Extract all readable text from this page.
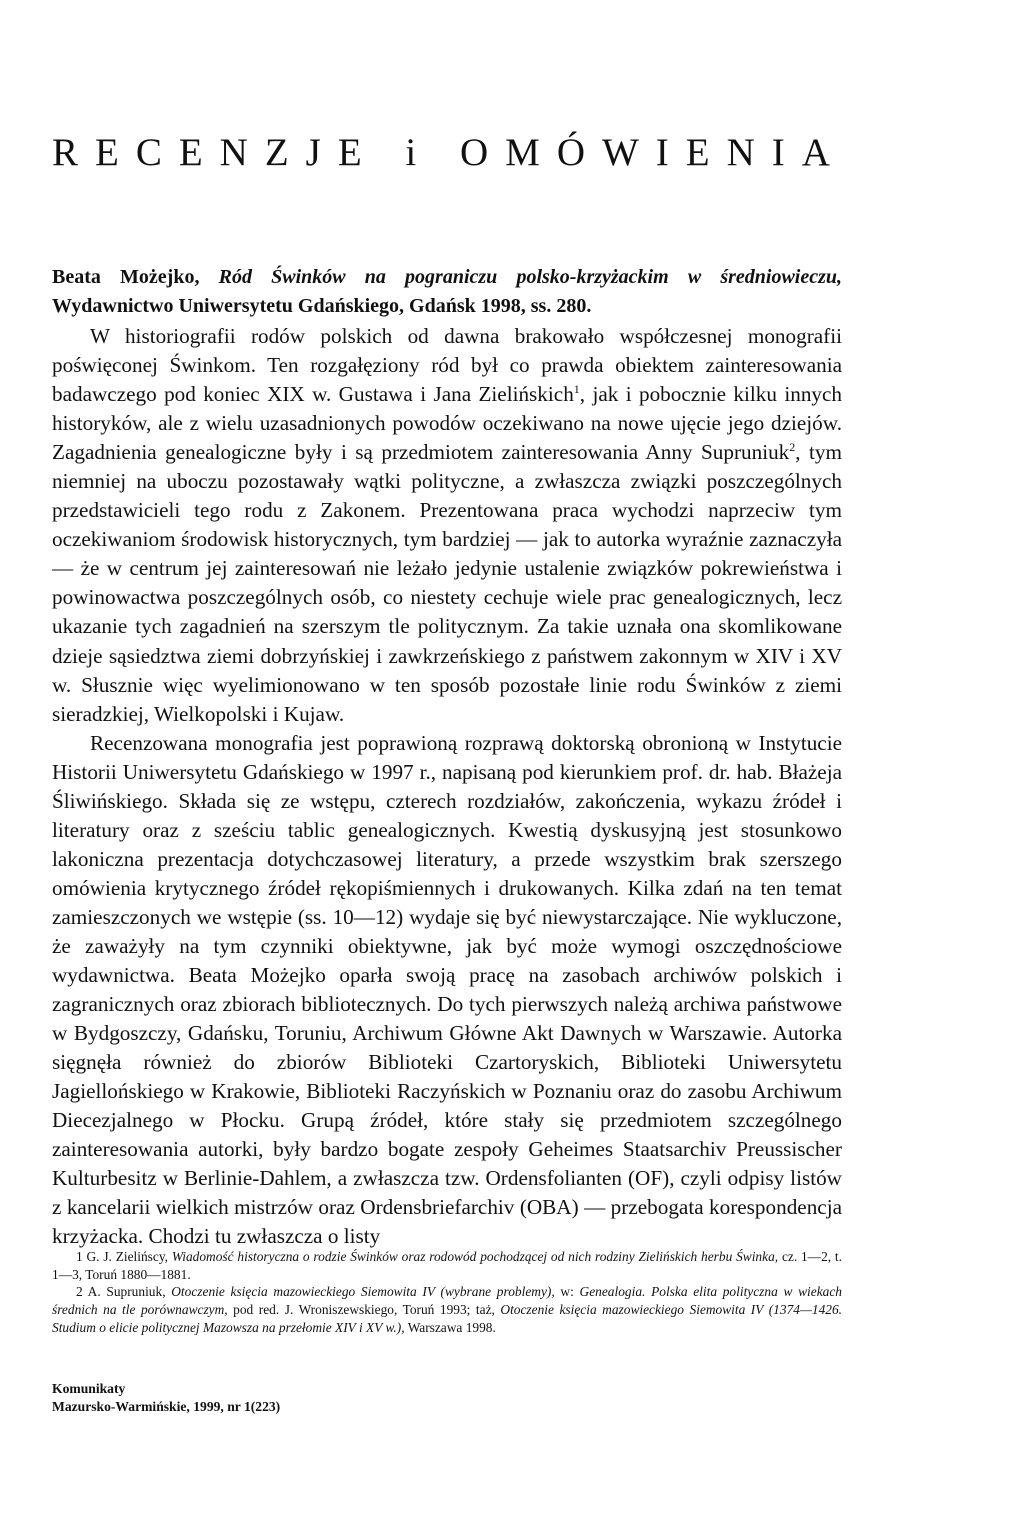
RECENZJE i OMÓWIENIA
Beata Możejko, Ród Świnków na pograniczu polsko-krzyżackim w średniowieczu, Wydawnictwo Uniwersytetu Gdańskiego, Gdańsk 1998, ss. 280.

W historiografii rodów polskich od dawna brakowało współczesnej monografii poświęconej Świnkom. Ten rozgałęziony ród był co prawda obiektem zainteresowania badawczego pod koniec XIX w. Gustawa i Jana Zielińskich$^1$, jak i pobocznie kilku innych historyków, ale z wielu uzasadnionych powodów oczekiwano na nowe ujęcie jego dziejów. Zagadnienia genealogiczne były i są przedmiotem zainteresowania Anny Supruniuk$^2$, tym niemniej na uboczu pozostawały wątki polityczne, a zwłaszcza związki poszczególnych przedstawicieli tego rodu z Zakonem. Prezentowana praca wychodzi naprzeciw tym oczekiwaniom środowisk historycznych, tym bardziej — jak to autorka wyraźnie zaznaczyła — że w centrum jej zainteresowań nie leżało jedynie ustalenie związków pokrewieństwa i powinowactwa poszczególnych osób, co niestety cechuje wiele prac genealogicznych, lecz ukazanie tych zagadnień na szerszym tle politycznym. Za takie uznała ona skomlikowane dzieje sąsiedztwa ziemi dobrzyńskiej i zawkrzeńskiego z państwem zakonnym w XIV i XV w. Słusznie więc wyelimionowano w ten sposób pozostałe linie rodu Świnków z ziemi sieradzkiej, Wielkopolski i Kujaw.

Recenzowana monografia jest poprawioną rozprawą doktorską obronioną w Instytucie Historii Uniwersytetu Gdańskiego w 1997 r., napisaną pod kierunkiem prof. dr. hab. Błażeja Śliwińskiego. Składa się ze wstępu, czterech rozdziałów, zakończenia, wykazu źródeł i literatury oraz z sześciu tablic genealogicznych. Kwestią dyskusyjną jest stosunkowo lakoniczna prezentacja dotychczasowej literatury, a przede wszystkim brak szerszego omówienia krytycznego źródeł rękopiśmiennych i drukowanych. Kilka zdań na ten temat zamieszczonych we wstępie (ss. 10—12) wydaje się być niewystarczające. Nie wykluczone, że zaważyły na tym czynniki obiektywne, jak być może wymogi oszczędnościowe wydawnictwa. Beata Możejko oparła swoją pracę na zasobach archiwów polskich i zagranicznych oraz zbiorach bibliotecznych. Do tych pierwszych należą archiwa państwowe w Bydgoszczy, Gdańsku, Toruniu, Archiwum Główne Akt Dawnych w Warszawie. Autorka sięgnęła również do zbiorów Biblioteki Czartoryskich, Biblioteki Uniwersytetu Jagiellońskiego w Krakowie, Biblioteki Raczyńskich w Poznaniu oraz do zasobu Archiwum Diecezjalnego w Płocku. Grupą źródeł, które stały się przedmiotem szczególnego zainteresowania autorki, były bardzo bogate zespoły Geheimes Staatsarchiv Preussischer Kulturbesitz w Berlinie-Dahlem, a zwłaszcza tzw. Ordensfolianten (OF), czyli odpisy listów z kancelarii wielkich mistrzów oraz Ordensbriefarchiv (OBA) — przebogata korespondencja krzyżacka. Chodzi tu zwłaszcza o listy

1 G. J. Zielińscy, Wiadomość historyczna o rodzie Świnków oraz rodowód pochodzącej od nich rodziny Zielińskich herbu Świnka, cz. 1—2, t. 1—3, Toruń 1880—1881.

2 A. Supruniuk, Otoczenie księcia mazowieckiego Siemowita IV (wybrane problemy), w: Genealogia. Polska elita polityczna w wiekach średnich na tle porównawczym, pod red. J. Wroniszewskiego, Toruń 1993; taż, Otoczenie księcia mazowieckiego Siemowita IV (1374—1426. Studium o elicie politycznej Mazowsza na przełomie XIV i XV w.), Warszawa 1998.

Komunikaty
Mazursko-Warmińskie, 1999, nr 1(223)
